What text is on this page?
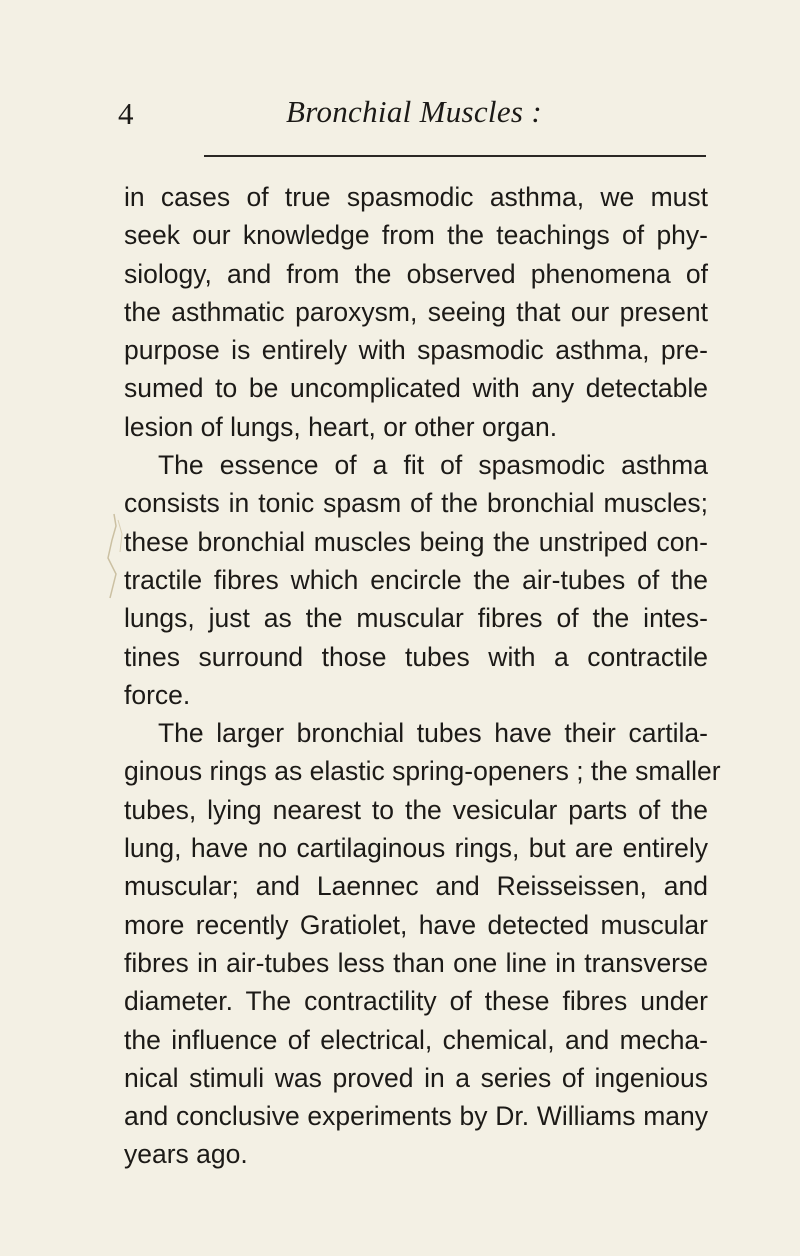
4	Bronchial Muscles :
in cases of true spasmodic asthma, we must
seek our knowledge from the teachings of phy-
siology, and from the observed phenomena of
the asthmatic paroxysm, seeing that our present
purpose is entirely with spasmodic asthma, pre-
sumed to be uncomplicated with any detectable
lesion of lungs, heart, or other organ.
The essence of a fit of spasmodic asthma
consists in tonic spasm of the bronchial muscles;
these bronchial muscles being the unstriped con-
tractile fibres which encircle the air-tubes of the
lungs, just as the muscular fibres of the intes-
tines surround those tubes with a contractile
force.
The larger bronchial tubes have their cartila-
ginous rings as elastic spring-openers ; the smaller
tubes, lying nearest to the vesicular parts of the
lung, have no cartilaginous rings, but are entirely
muscular; and Laennec and Reisseissen, and
more recently Gratiolet, have detected muscular
fibres in air-tubes less than one line in transverse
diameter. The contractility of these fibres under
the influence of electrical, chemical, and mecha-
nical stimuli was proved in a series of ingenious
and conclusive experiments by Dr. Williams many
years ago.
